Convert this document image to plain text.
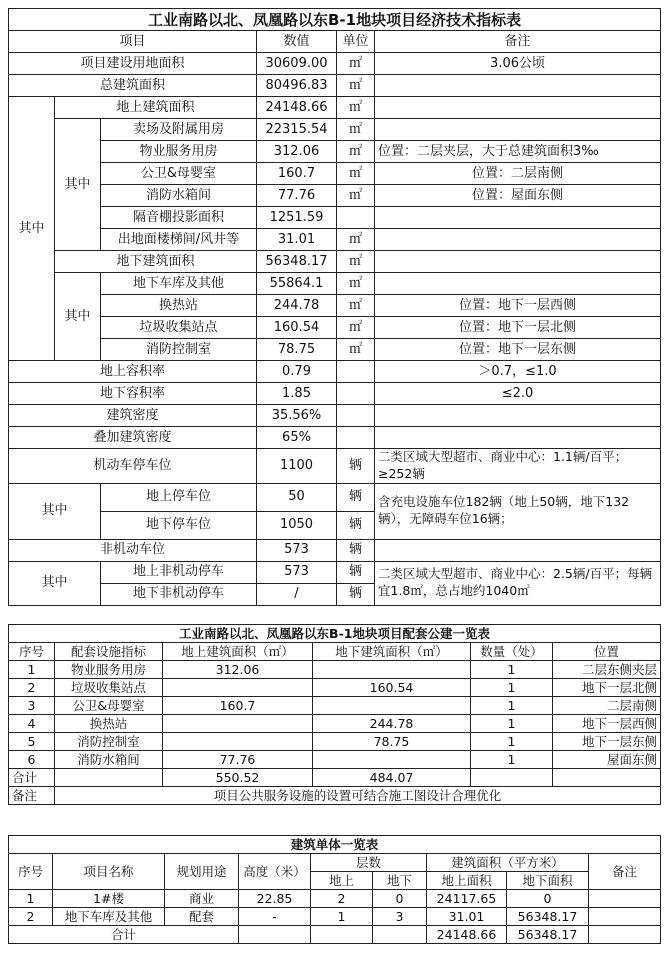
工业南路以北、凤凰路以东B-1地块项目经济技术指标表					
项目			数值	单位	备注
项目建设用地面积			30609.00	㎡	3.06公顷
总建筑面积			80496.83	㎡	
其中	地上建筑面积		24148.66	㎡	
	其中	卖场及附属用房	22315.54	㎡	
		物业服务用房	312.06	㎡	位置：二层夹层，大于总建筑面积3‰
		公卫&母婴室	160.7	㎡	位置：二层南侧
		消防水箱间	77.76	㎡	位置：屋面东侧
		隔音棚投影面积	1251.59		
		出地面楼梯间/风井等	31.01	㎡	
	地下建筑面积		56348.17	㎡	
	其中	地下车库及其他	55864.1	㎡	
		换热站	244.78	㎡	位置：地下一层西侧
		垃圾收集站点	160.54	㎡	位置：地下一层北侧
		消防控制室	78.75	㎡	位置：地下一层东侧
地上容积率			0.79		＞0.7，≤1.0
地下容积率			1.85		≤2.0
建筑密度			35.56%		
叠加建筑密度			65%		
机动车停车位			1100	辆	二类区域大型超市、商业中心：1.1辆/百平；≥252辆
其中		地上停车位	50	辆	含充电设施车位182辆（地上50辆，地下132辆），无障碍车位16辆；
		地下停车位	1050	辆	
非机动车位			573	辆	
其中		地上非机动停车	573	辆	二类区域大型超市、商业中心：2.5辆/百平；每辆宜1.8㎡，总占地约1040㎡
		地下非机动停车	/	辆	
工业南路以北、凤凰路以东B-1地块项目配套公建一览表					
序号	配套设施指标	地上建筑面积（㎡）	地下建筑面积（㎡）	数量（处）	位置
1	物业服务用房	312.06		1	二层东侧夹层
2	垃圾收集站点		160.54	1	地下一层北侧
3	公卫&母婴室	160.7		1	二层南侧
4	换热站		244.78	1	地下一层西侧
5	消防控制室		78.75	1	地下一层东侧
6	消防水箱间	77.76		1	屋面东侧
合计		550.52	484.07		
备注	项目公共服务设施的设置可结合施工图设计合理优化				
建筑单体一览表								
序号	项目名称	规划用途	高度（米）	层数		建筑面积（平方米）		备注
				地上	地下	地上面积	地下面积	
1	1#楼	商业	22.85	2	0	24117.65	0	
2	地下车库及其他	配套	-	1	3	31.01	56348.17	
合计						24148.66	56348.17	
